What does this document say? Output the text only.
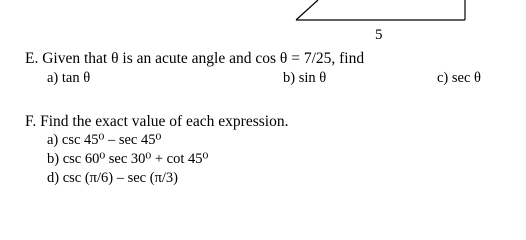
5
E. Given that θ is an acute angle and cos θ = 7/25, find
a) tan θ	b) sin θ	c) sec θ
F. Find the exact value of each expression.
a) csc 45⁰ – sec 45⁰
b) csc 60⁰ sec 30⁰ + cot 45⁰
d) csc (π/6) – sec (π/3)
